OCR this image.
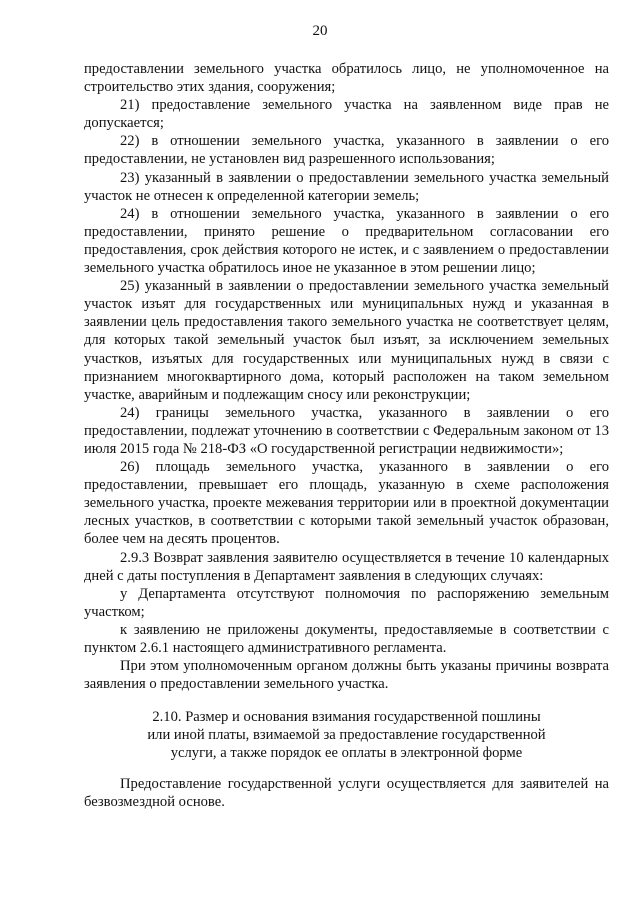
20

предоставлении земельного участка обратилось лицо, не уполномоченное на строительство этих здания, сооружения;

21) предоставление земельного участка на заявленном виде прав не допускается;

22) в отношении земельного участка, указанного в заявлении о его предоставлении, не установлен вид разрешенного использования;

23) указанный в заявлении о предоставлении земельного участка земельный участок не отнесен к определенной категории земель;

24) в отношении земельного участка, указанного в заявлении о его предоставлении, принято решение о предварительном согласовании его предоставления, срок действия которого не истек, и с заявлением о предоставлении земельного участка обратилось иное не указанное в этом решении лицо;

25) указанный в заявлении о предоставлении земельного участка земельный участок изъят для государственных или муниципальных нужд и указанная в заявлении цель предоставления такого земельного участка не соответствует целям, для которых такой земельный участок был изъят, за исключением земельных участков, изъятых для государственных или муниципальных нужд в связи с признанием многоквартирного дома, который расположен на таком земельном участке, аварийным и подлежащим сносу или реконструкции;

24) границы земельного участка, указанного в заявлении о его предоставлении, подлежат уточнению в соответствии с Федеральным законом от 13 июля 2015 года № 218-ФЗ «О государственной регистрации недвижимости»;

26) площадь земельного участка, указанного в заявлении о его предоставлении, превышает его площадь, указанную в схеме расположения земельного участка, проекте межевания территории или в проектной документации лесных участков, в соответствии с которыми такой земельный участок образован, более чем на десять процентов.

2.9.3 Возврат заявления заявителю осуществляется в течение 10 календарных дней с даты поступления в Департамент заявления в следующих случаях:

у Департамента отсутствуют полномочия по распоряжению земельным участком;

к заявлению не приложены документы, предоставляемые в соответствии с пунктом 2.6.1 настоящего административного регламента.

При этом уполномоченным органом должны быть указаны причины возврата заявления о предоставлении земельного участка.

2.10. Размер и основания взимания государственной пошлины
или иной платы, взимаемой за предоставление государственной
услуги, а также порядок ее оплаты в электронной форме

Предоставление государственной услуги осуществляется для заявителей на безвозмездной основе.
